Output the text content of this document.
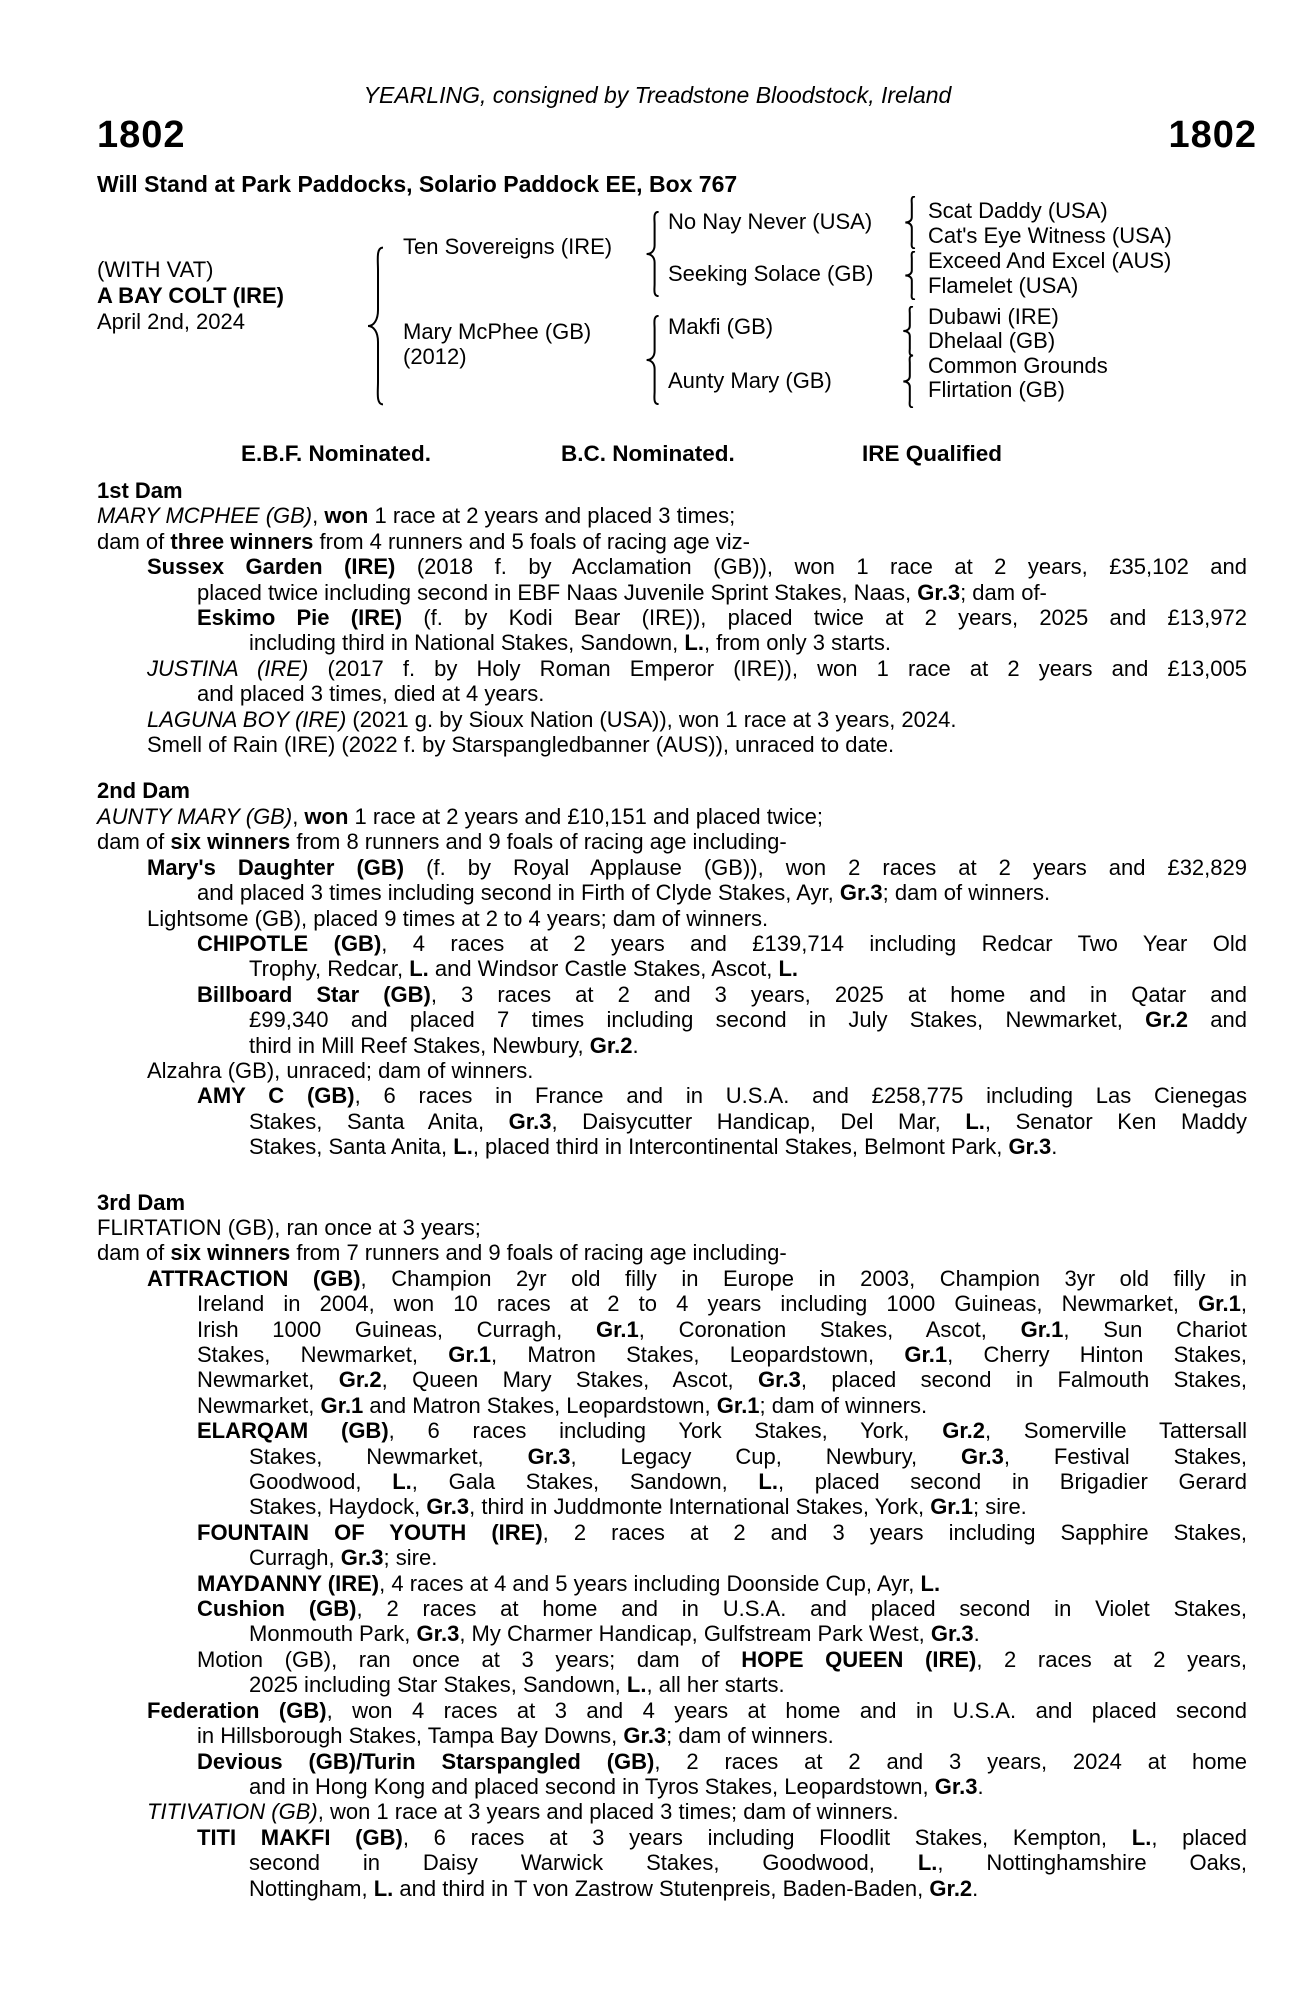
YEARLING, consigned by Treadstone Bloodstock, Ireland
1802	1802
Will Stand at Park Paddocks, Solario Paddock EE, Box 767
(WITH VAT)
A BAY COLT (IRE)
April 2nd, 2024
Ten Sovereigns (IRE)
Mary McPhee (GB)
(2012)
No Nay Never (USA)
Seeking Solace (GB)
Makfi (GB)
Aunty Mary (GB)
Scat Daddy (USA)
Cat's Eye Witness (USA)
Exceed And Excel (AUS)
Flamelet (USA)
Dubawi (IRE)
Dhelaal (GB)
Common Grounds
Flirtation (GB)
E.B.F. Nominated.	B.C. Nominated.	IRE Qualified
1st Dam
MARY MCPHEE (GB), won 1 race at 2 years and placed 3 times;
dam of three winners from 4 runners and 5 foals of racing age viz-
Sussex Garden (IRE) (2018 f. by Acclamation (GB)), won 1 race at 2 years, £35,102 and
placed twice including second in EBF Naas Juvenile Sprint Stakes, Naas, Gr.3; dam of-
Eskimo Pie (IRE) (f. by Kodi Bear (IRE)), placed twice at 2 years, 2025 and £13,972
including third in National Stakes, Sandown, L., from only 3 starts.
JUSTINA (IRE) (2017 f. by Holy Roman Emperor (IRE)), won 1 race at 2 years and £13,005
and placed 3 times, died at 4 years.
LAGUNA BOY (IRE) (2021 g. by Sioux Nation (USA)), won 1 race at 3 years, 2024.
Smell of Rain (IRE) (2022 f. by Starspangledbanner (AUS)), unraced to date.
2nd Dam
AUNTY MARY (GB), won 1 race at 2 years and £10,151 and placed twice;
dam of six winners from 8 runners and 9 foals of racing age including-
Mary's Daughter (GB) (f. by Royal Applause (GB)), won 2 races at 2 years and £32,829
and placed 3 times including second in Firth of Clyde Stakes, Ayr, Gr.3; dam of winners.
Lightsome (GB), placed 9 times at 2 to 4 years; dam of winners.
CHIPOTLE (GB), 4 races at 2 years and £139,714 including Redcar Two Year Old
Trophy, Redcar, L. and Windsor Castle Stakes, Ascot, L.
Billboard Star (GB), 3 races at 2 and 3 years, 2025 at home and in Qatar and
£99,340 and placed 7 times including second in July Stakes, Newmarket, Gr.2 and
third in Mill Reef Stakes, Newbury, Gr.2.
Alzahra (GB), unraced; dam of winners.
AMY C (GB), 6 races in France and in U.S.A. and £258,775 including Las Cienegas
Stakes, Santa Anita, Gr.3, Daisycutter Handicap, Del Mar, L., Senator Ken Maddy
Stakes, Santa Anita, L., placed third in Intercontinental Stakes, Belmont Park, Gr.3.
3rd Dam
FLIRTATION (GB), ran once at 3 years;
dam of six winners from 7 runners and 9 foals of racing age including-
ATTRACTION (GB), Champion 2yr old filly in Europe in 2003, Champion 3yr old filly in
Ireland in 2004, won 10 races at 2 to 4 years including 1000 Guineas, Newmarket, Gr.1,
Irish 1000 Guineas, Curragh, Gr.1, Coronation Stakes, Ascot, Gr.1, Sun Chariot
Stakes, Newmarket, Gr.1, Matron Stakes, Leopardstown, Gr.1, Cherry Hinton Stakes,
Newmarket, Gr.2, Queen Mary Stakes, Ascot, Gr.3, placed second in Falmouth Stakes,
Newmarket, Gr.1 and Matron Stakes, Leopardstown, Gr.1; dam of winners.
ELARQAM (GB), 6 races including York Stakes, York, Gr.2, Somerville Tattersall
Stakes, Newmarket, Gr.3, Legacy Cup, Newbury, Gr.3, Festival Stakes,
Goodwood, L., Gala Stakes, Sandown, L., placed second in Brigadier Gerard
Stakes, Haydock, Gr.3, third in Juddmonte International Stakes, York, Gr.1; sire.
FOUNTAIN OF YOUTH (IRE), 2 races at 2 and 3 years including Sapphire Stakes,
Curragh, Gr.3; sire.
MAYDANNY (IRE), 4 races at 4 and 5 years including Doonside Cup, Ayr, L.
Cushion (GB), 2 races at home and in U.S.A. and placed second in Violet Stakes,
Monmouth Park, Gr.3, My Charmer Handicap, Gulfstream Park West, Gr.3.
Motion (GB), ran once at 3 years; dam of HOPE QUEEN (IRE), 2 races at 2 years,
2025 including Star Stakes, Sandown, L., all her starts.
Federation (GB), won 4 races at 3 and 4 years at home and in U.S.A. and placed second
in Hillsborough Stakes, Tampa Bay Downs, Gr.3; dam of winners.
Devious (GB)/Turin Starspangled (GB), 2 races at 2 and 3 years, 2024 at home
and in Hong Kong and placed second in Tyros Stakes, Leopardstown, Gr.3.
TITIVATION (GB), won 1 race at 3 years and placed 3 times; dam of winners.
TITI MAKFI (GB), 6 races at 3 years including Floodlit Stakes, Kempton, L., placed
second in Daisy Warwick Stakes, Goodwood, L., Nottinghamshire Oaks,
Nottingham, L. and third in T von Zastrow Stutenpreis, Baden-Baden, Gr.2.
